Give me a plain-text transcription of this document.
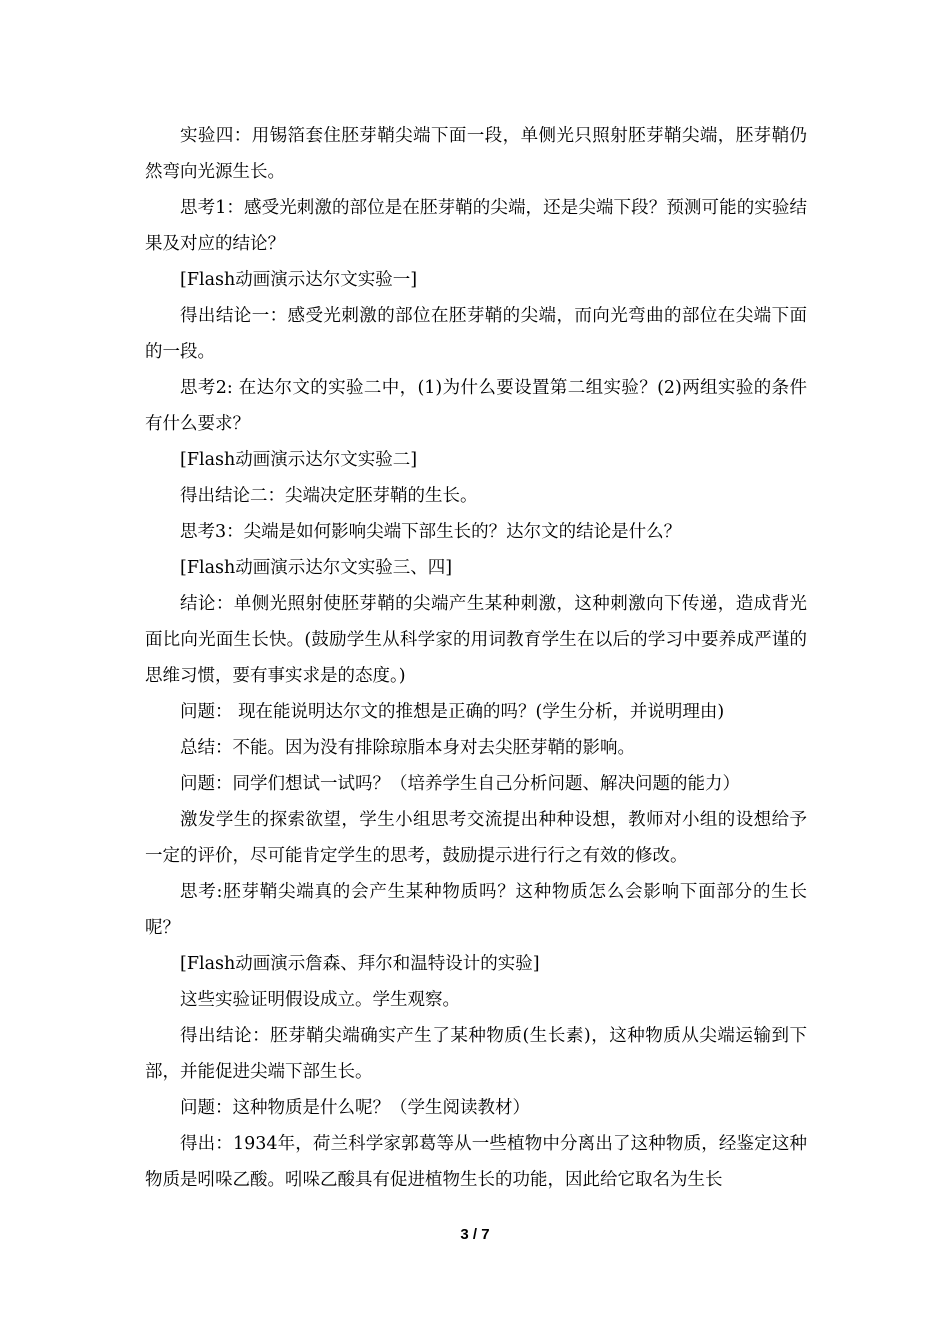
实验四：用锡箔套住胚芽鞘尖端下面一段，单侧光只照射胚芽鞘尖端，胚芽鞘仍然弯向光源生长。

思考1：感受光刺激的部位是在胚芽鞘的尖端，还是尖端下段？预测可能的实验结果及对应的结论？

[Flash动画演示达尔文实验一]

得出结论一：感受光刺激的部位在胚芽鞘的尖端，而向光弯曲的部位在尖端下面的一段。

思考2: 在达尔文的实验二中，(1)为什么要设置第二组实验？(2)两组实验的条件有什么要求？

[Flash动画演示达尔文实验二]

得出结论二：尖端决定胚芽鞘的生长。

思考3：尖端是如何影响尖端下部生长的？达尔文的结论是什么？

[Flash动画演示达尔文实验三、四]

结论：单侧光照射使胚芽鞘的尖端产生某种刺激，这种刺激向下传递，造成背光面比向光面生长快。(鼓励学生从科学家的用词教育学生在以后的学习中要养成严谨的思维习惯，要有事实求是的态度。)

问题： 现在能说明达尔文的推想是正确的吗？(学生分析，并说明理由)

总结：不能。因为没有排除琼脂本身对去尖胚芽鞘的影响。

问题：同学们想试一试吗？（培养学生自己分析问题、解决问题的能力）

激发学生的探索欲望，学生小组思考交流提出种种设想，教师对小组的设想给予一定的评价，尽可能肯定学生的思考，鼓励提示进行行之有效的修改。

思考:胚芽鞘尖端真的会产生某种物质吗？这种物质怎么会影响下面部分的生长呢？

[Flash动画演示詹森、拜尔和温特设计的实验]

这些实验证明假设成立。学生观察。

得出结论：胚芽鞘尖端确实产生了某种物质(生长素)，这种物质从尖端运输到下部，并能促进尖端下部生长。

问题：这种物质是什么呢？（学生阅读教材）

得出：1934年，荷兰科学家郭葛等从一些植物中分离出了这种物质，经鉴定这种物质是吲哚乙酸。吲哚乙酸具有促进植物生长的功能，因此给它取名为生长

3 / 7
